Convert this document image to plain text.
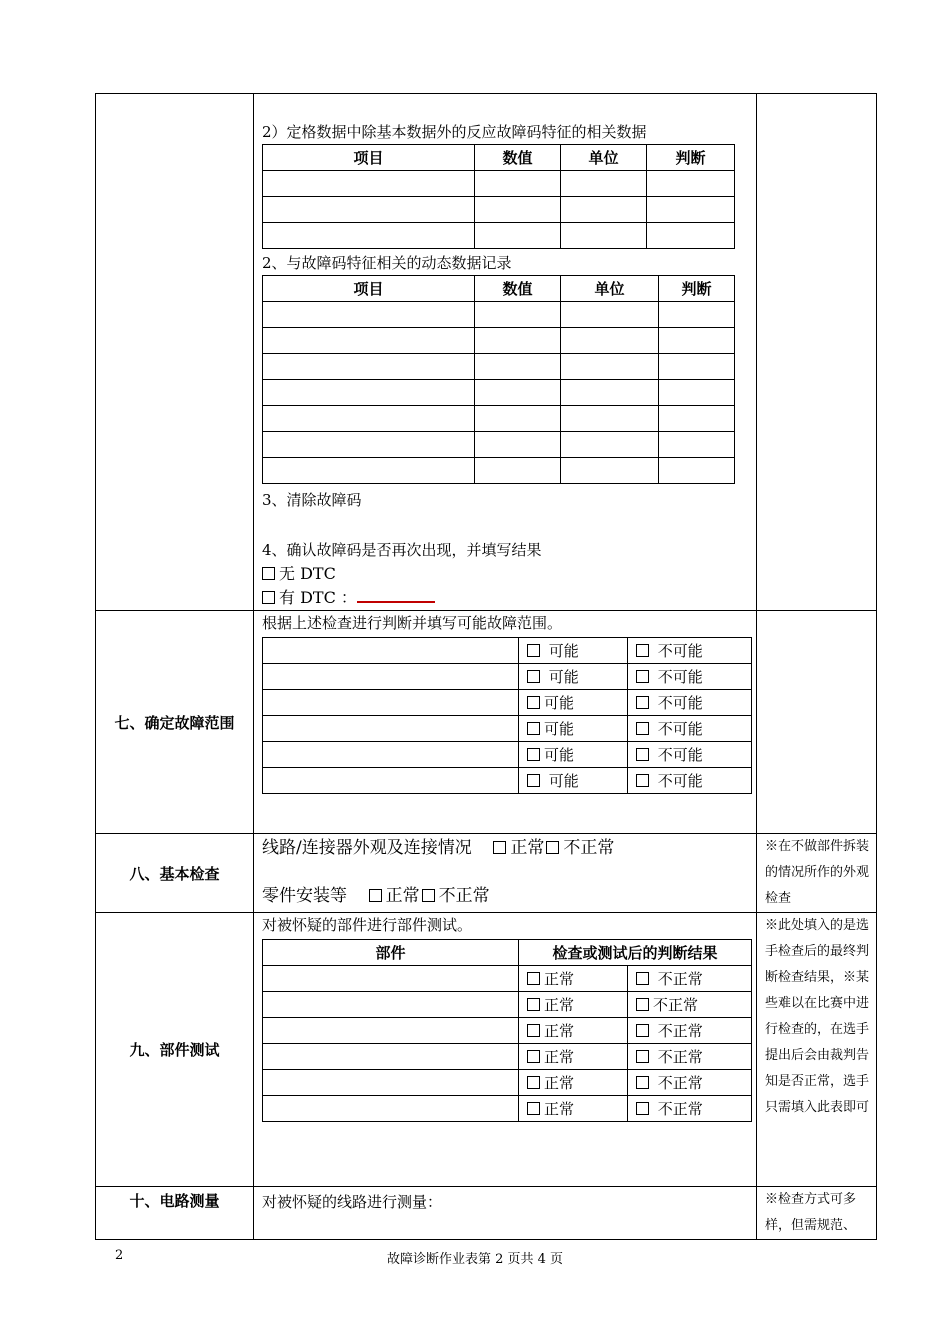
2）定格数据中除基本数据外的反应故障码特征的相关数据
项目	数值	单位	判断

2、与故障码特征相关的动态数据记录
项目	数值	单位	判断

3、清除故障码
4、确认故障码是否再次出现，并填写结果
无 DTC
有 DTC ：

七、确定故障范围	
根据上述检查进行判断并填写可能故障范围。
	可能	不可能
	可能	不可能
	可能	不可能
	可能	不可能
	可能	不可能
	可能	不可能

八、基本检查	
线路/连接器外观及连接情况 正常 不正常
零件安装等 正常 不正常
	※在不做部件拆装的情况所作的外观检查
九、部件测试	
对被怀疑的部件进行部件测试。
部件	检查或测试后的判断结果
	正常	不正常
	正常	不正常
	正常	不正常
	正常	不正常
	正常	不正常
	正常	不正常
	※此处填入的是选手检查后的最终判断检查结果，※某些难以在比赛中进行检查的，在选手提出后会由裁判告知是否正常，选手只需填入此表即可
十、电路测量	对被怀疑的线路进行测量：	※检查方式可多样，但需规范、
2	故障诊断作业表第 2 页共 4 页
